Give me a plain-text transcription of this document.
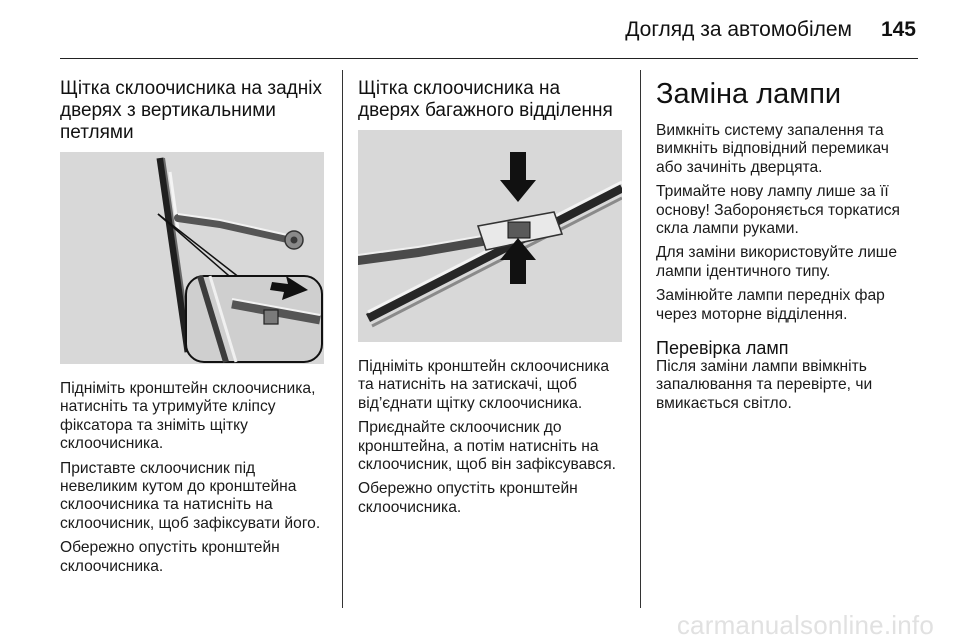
Догляд за автомобілем 145
Щітка склоочисника на задніх дверях з вертикальними петлями

Підніміть кронштейн склоочисника, натисніть та утримуйте кліпсу фіксатора та зніміть щітку склоочисника.

Приставте склоочисник під невеликим кутом до кронштейна склоочисника та натисніть на склоочисник, щоб зафіксувати його.

Обережно опустіть кронштейн склоочисника.

Щітка склоочисника на дверях багажного відділення

Підніміть кронштейн склоочисника та натисніть на затискачі, щоб від’єднати щітку склоочисника.

Приєднайте склоочисник до кронштейна, а потім натисніть на склоочисник, щоб він зафіксувався.

Обережно опустіть кронштейн склоочисника.

Заміна лампи

Вимкніть систему запалення та вимкніть відповідний перемикач або зачиніть дверцята.

Тримайте нову лампу лише за її основу! Забороняється торкатися скла лампи руками.

Для заміни використовуйте лише лампи ідентичного типу.

Замінюйте лампи передніх фар через моторне відділення.

Перевірка ламп

Після заміни лампи ввімкніть запалювання та перевірте, чи вмикається світло.

carmanualsonline.info
